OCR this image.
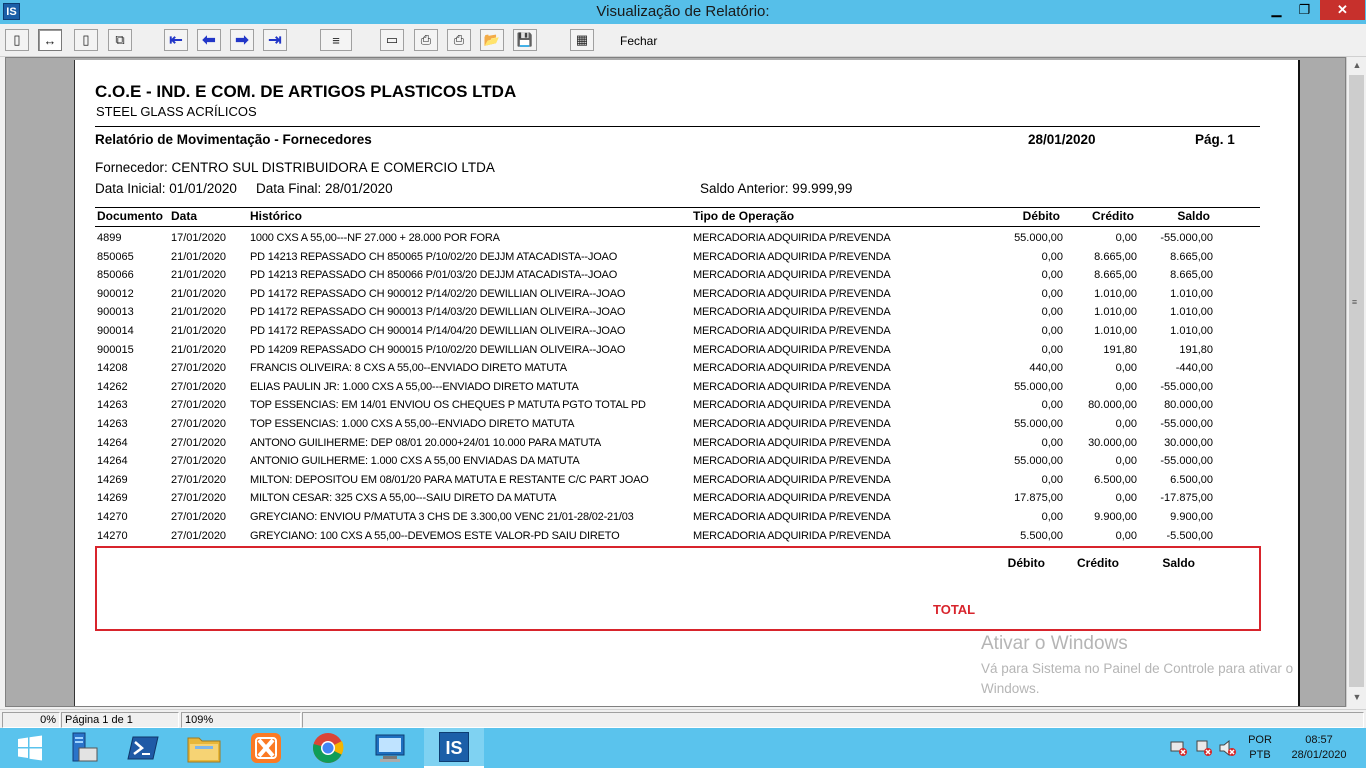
IS	Visualização de Relatório:	▁	❐	✕
▯ ↔ ▯ ⧉	⇤ ⬅ ➡ ⇥	≡	▭ ⎙ ⎙ 📂 💾	▦	Fechar
C.O.E - IND. E COM. DE ARTIGOS PLASTICOS LTDA
STEEL GLASS ACRÍLICOS
Relatório de Movimentação - Fornecedores	28/01/2020	Pág. 1
Fornecedor: CENTRO SUL DISTRIBUIDORA E COMERCIO LTDA
Data Inicial: 01/01/2020 Data Final: 28/01/2020	Saldo Anterior: 99.999,99
Documento Data	Histórico	Tipo de Operação	Débito	Crédito	Saldo
4899	17/01/2020 1000 CXS A 55,00---NF 27.000 + 28.000 POR FORA	MERCADORIA ADQUIRIDA P/REVENDA	55.000,00	0,00 -55.000,00
850065	21/01/2020 PD 14213 REPASSADO CH 850065 P/10/02/20 DEJJM ATACADISTA--JOAO	MERCADORIA ADQUIRIDA P/REVENDA	0,00	8.665,00	8.665,00
850066	21/01/2020 PD 14213 REPASSADO CH 850066 P/01/03/20 DEJJM ATACADISTA--JOAO	MERCADORIA ADQUIRIDA P/REVENDA	0,00	8.665,00	8.665,00
900012	21/01/2020 PD 14172 REPASSADO CH 900012 P/14/02/20 DEWILLIAN OLIVEIRA--JOAO	MERCADORIA ADQUIRIDA P/REVENDA	0,00	1.010,00	1.010,00
900013	21/01/2020 PD 14172 REPASSADO CH 900013 P/14/03/20 DEWILLIAN OLIVEIRA--JOAO	MERCADORIA ADQUIRIDA P/REVENDA	0,00	1.010,00	1.010,00
900014	21/01/2020 PD 14172 REPASSADO CH 900014 P/14/04/20 DEWILLIAN OLIVEIRA--JOAO	MERCADORIA ADQUIRIDA P/REVENDA	0,00	1.010,00	1.010,00
900015	21/01/2020 PD 14209 REPASSADO CH 900015 P/10/02/20 DEWILLIAN OLIVEIRA--JOAO	MERCADORIA ADQUIRIDA P/REVENDA	0,00	191,80	191,80
14208	27/01/2020 FRANCIS OLIVEIRA: 8 CXS A 55,00--ENVIADO DIRETO MATUTA	MERCADORIA ADQUIRIDA P/REVENDA	440,00	0,00	-440,00
14262	27/01/2020 ELIAS PAULIN JR: 1.000 CXS A 55,00---ENVIADO DIRETO MATUTA	MERCADORIA ADQUIRIDA P/REVENDA	55.000,00	0,00 -55.000,00
14263	27/01/2020 TOP ESSENCIAS: EM 14/01 ENVIOU OS CHEQUES P MATUTA PGTO TOTAL PD	MERCADORIA ADQUIRIDA P/REVENDA	0,00 80.000,00 80.000,00
14263	27/01/2020 TOP ESSENCIAS: 1.000 CXS A 55,00--ENVIADO DIRETO MATUTA	MERCADORIA ADQUIRIDA P/REVENDA	55.000,00	0,00 -55.000,00
14264	27/01/2020 ANTONO GUILIHERME: DEP 08/01 20.000+24/01 10.000 PARA MATUTA	MERCADORIA ADQUIRIDA P/REVENDA	0,00 30.000,00 30.000,00
14264	27/01/2020 ANTONIO GUILHERME: 1.000 CXS A 55,00 ENVIADAS DA MATUTA	MERCADORIA ADQUIRIDA P/REVENDA	55.000,00	0,00 -55.000,00
14269	27/01/2020 MILTON: DEPOSITOU EM 08/01/20 PARA MATUTA E RESTANTE C/C PART JOAO	MERCADORIA ADQUIRIDA P/REVENDA	0,00	6.500,00	6.500,00
14269	27/01/2020 MILTON CESAR: 325 CXS A 55,00---SAIU DIRETO DA MATUTA	MERCADORIA ADQUIRIDA P/REVENDA	17.875,00	0,00 -17.875,00
14270	27/01/2020 GREYCIANO: ENVIOU P/MATUTA 3 CHS DE 3.300,00 VENC 21/01-28/02-21/03	MERCADORIA ADQUIRIDA P/REVENDA	0,00	9.900,00	9.900,00
14270	27/01/2020 GREYCIANO: 100 CXS A 55,00--DEVEMOS ESTE VALOR-PD SAIU DIRETO	MERCADORIA ADQUIRIDA P/REVENDA	5.500,00	0,00	-5.500,00
Débito	Crédito	Saldo
TOTAL
Ativar o Windows
Vá para Sistema no Painel de Controle para ativar o Windows.
▲
≡
▼
0% Página 1 de 1	109%
IS	POR
PTB
08:57
28/01/2020
